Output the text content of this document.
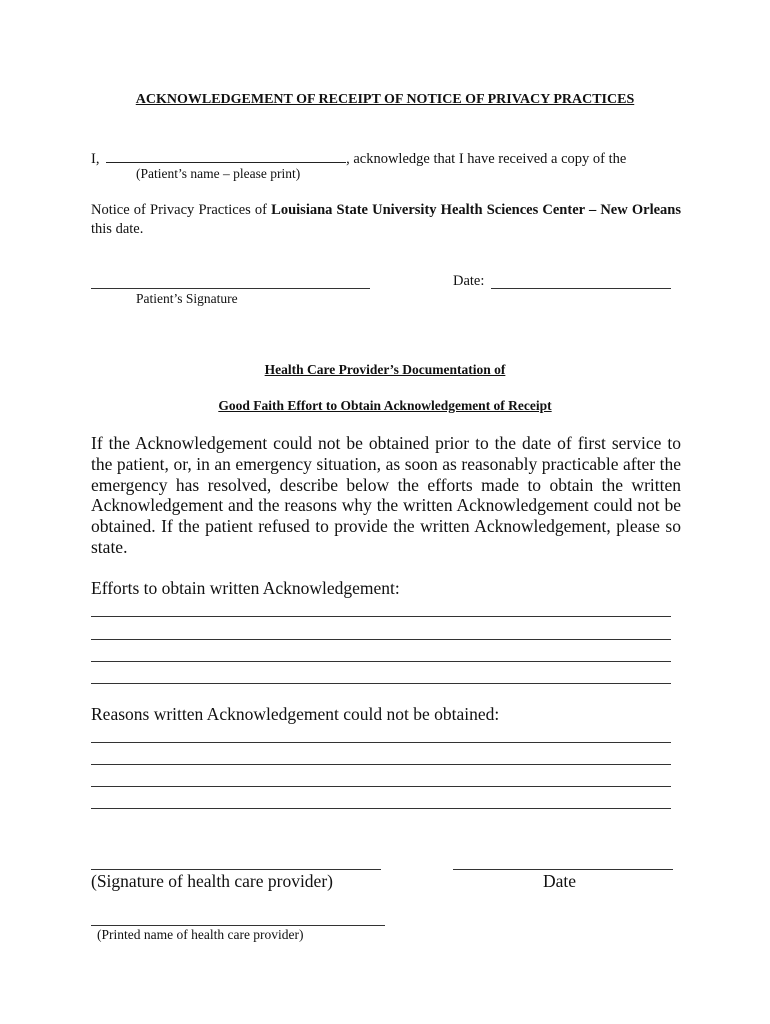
ACKNOWLEDGEMENT OF RECEIPT OF NOTICE OF PRIVACY PRACTICES
I,	, acknowledge that I have received a copy of the
(Patient’s name – please print)
Notice of Privacy Practices of Louisiana State University Health Sciences Center – New Orleans this date.
Patient’s Signature
Date:
Health Care Provider’s Documentation of
Good Faith Effort to Obtain Acknowledgement of Receipt
If the Acknowledgement could not be obtained prior to the date of first service to the patient, or, in an emergency situation, as soon as reasonably practicable after the emergency has resolved, describe below the efforts made to obtain the written Acknowledgement and the reasons why the written Acknowledgement could not be obtained. If the patient refused to provide the written Acknowledgement, please so state.
Efforts to obtain written Acknowledgement:
Reasons written Acknowledgement could not be obtained:
(Signature of health care provider)	Date
(Printed name of health care provider)
